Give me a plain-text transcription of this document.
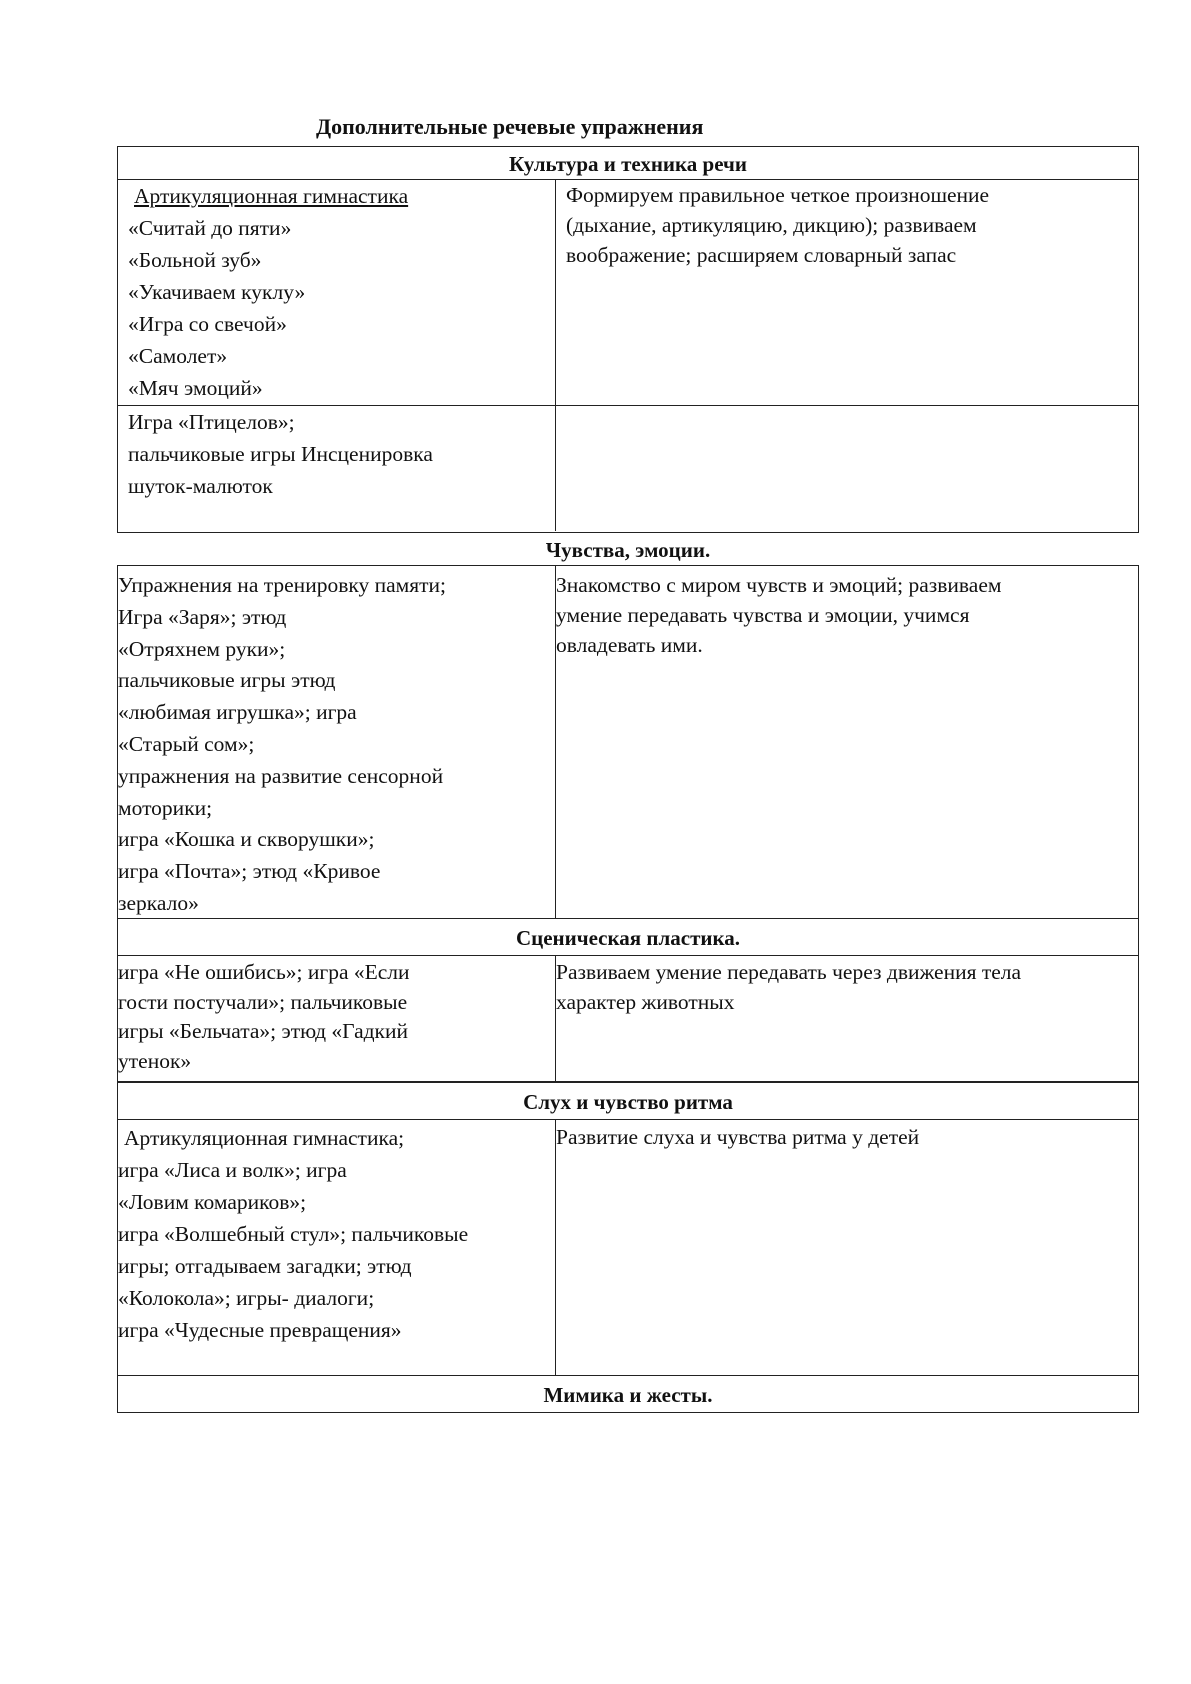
Дополнительные речевые упражнения
Культура и техника речи
Артикуляционная гимнастика
«Считай до пяти»
«Больной зуб»
«Укачиваем куклу»
«Игра со свечой»
«Самолет»
«Мяч эмоций»
Формируем правильное четкое произношение
(дыхание, артикуляцию, дикцию); развиваем
воображение; расширяем словарный запас
Игра «Птицелов»;
пальчиковые игры Инсценировка
шуток-малюток
Чувства, эмоции.
Упражнения на тренировку памяти;
Игра «Заря»; этюд
«Отряхнем руки»;
пальчиковые игры этюд
«любимая игрушка»; игра
«Старый сом»;
упражнения на развитие сенсорной
моторики;
игра «Кошка и скворушки»;
игра «Почта»; этюд «Кривое
зеркало»
Знакомство с миром чувств и эмоций; развиваем
умение передавать чувства и эмоции, учимся
овладевать ими.
Сценическая пластика.
игра «Не ошибись»; игра «Если
гости постучали»; пальчиковые
игры «Бельчата»; этюд «Гадкий
утенок»
Развиваем умение передавать через движения тела
характер животных
Слух и чувство ритма
Артикуляционная гимнастика;
игра «Лиса и волк»; игра
«Ловим комариков»;
игра «Волшебный стул»; пальчиковые
игры; отгадываем загадки; этюд
«Колокола»; игры- диалоги;
игра «Чудесные превращения»
Развитие слуха и чувства ритма у детей
Мимика и жесты.
